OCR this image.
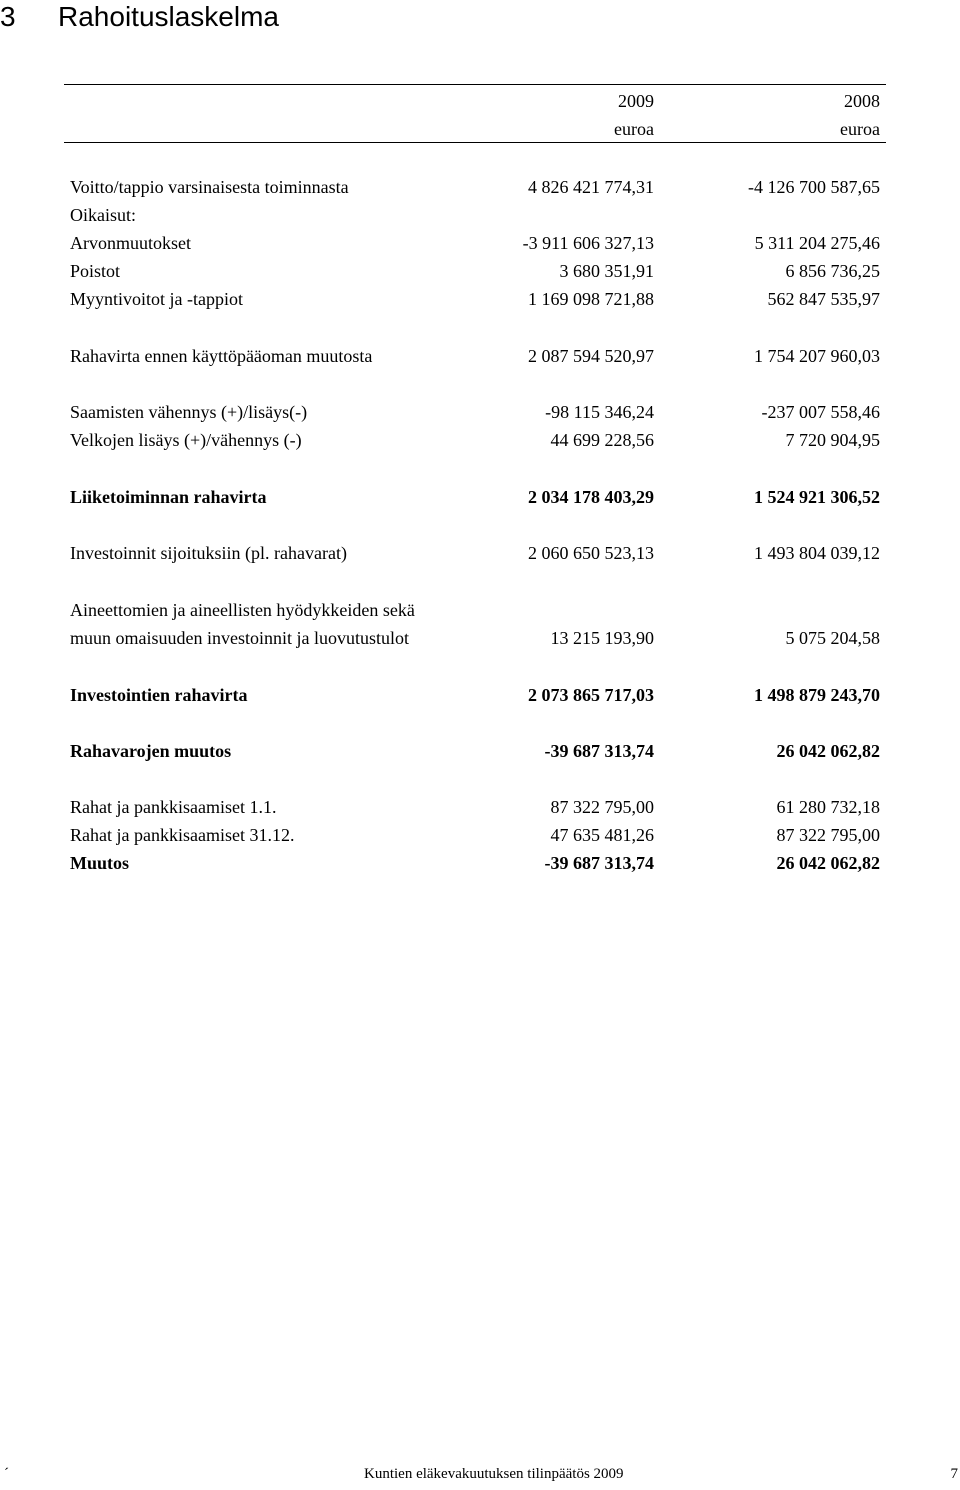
3 Rahoituslaskelma
2009	2008
euroa	euroa
Voitto/tappio varsinaisesta toiminnasta	4 826 421 774,31	-4 126 700 587,65
Oikaisut:
Arvonmuutokset	-3 911 606 327,13	5 311 204 275,46
Poistot	3 680 351,91	6 856 736,25
Myyntivoitot ja -tappiot	1 169 098 721,88	562 847 535,97
Rahavirta ennen käyttöpääoman muutosta	2 087 594 520,97	1 754 207 960,03
Saamisten vähennys (+)/lisäys(-)	-98 115 346,24	-237 007 558,46
Velkojen lisäys (+)/vähennys (-)	44 699 228,56	7 720 904,95
Liiketoiminnan rahavirta	2 034 178 403,29	1 524 921 306,52
Investoinnit sijoituksiin (pl. rahavarat)	2 060 650 523,13	1 493 804 039,12
Aineettomien ja aineellisten hyödykkeiden sekä
muun omaisuuden investoinnit ja luovutustulot	13 215 193,90	5 075 204,58
Investointien rahavirta	2 073 865 717,03	1 498 879 243,70
Rahavarojen muutos	-39 687 313,74	26 042 062,82
Rahat ja pankkisaamiset 1.1.	87 322 795,00	61 280 732,18
Rahat ja pankkisaamiset 31.12.	47 635 481,26	87 322 795,00
Muutos	-39 687 313,74	26 042 062,82
´	Kuntien eläkevakuutuksen tilinpäätös 2009	7
